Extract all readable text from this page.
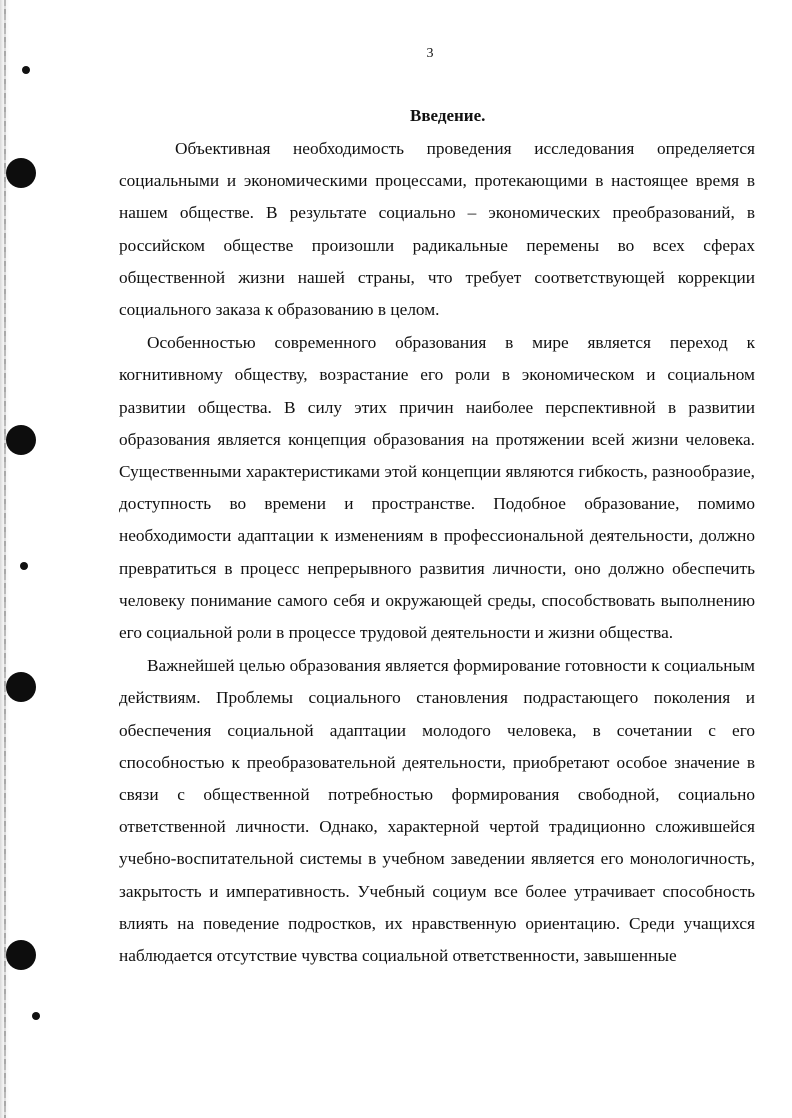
3
Введение.

Объективная необходимость проведения исследования определяется социальными и экономическими процессами, протекающими в настоящее время в нашем обществе. В результате социально – экономических преобразований, в российском обществе произошли радикальные перемены во всех сферах общественной жизни нашей страны, что требует соответствующей коррекции социального заказа к образованию в целом.

Особенностью современного образования в мире является переход к когнитивному обществу, возрастание его роли в экономическом и социальном развитии общества. В силу этих причин наиболее перспективной в развитии образования является концепция образования на протяжении всей жизни человека. Существенными характеристиками этой концепции являются гибкость, разнообразие, доступность во времени и пространстве. Подобное образование, помимо необходимости адаптации к изменениям в профессиональной деятельности, должно превратиться в процесс непрерывного развития личности, оно должно обеспечить человеку понимание самого себя и окружающей среды, способствовать выполнению его социальной роли в процессе трудовой деятельности и жизни общества.

Важнейшей целью образования является формирование готовности к социальным действиям. Проблемы социального становления подрастающего поколения и обеспечения социальной адаптации молодого человека, в сочетании с его способностью к преобразовательной деятельности, приобретают особое значение в связи с общественной потребностью формирования свободной, социально ответственной личности. Однако, характерной чертой традиционно сложившейся учебно-воспитательной системы в учебном заведении является его монологичность, закрытость и императивность. Учебный социум все более утрачивает способность влиять на поведение подростков, их нравственную ориентацию. Среди учащихся наблюдается отсутствие чувства социальной ответственности, завышенные
